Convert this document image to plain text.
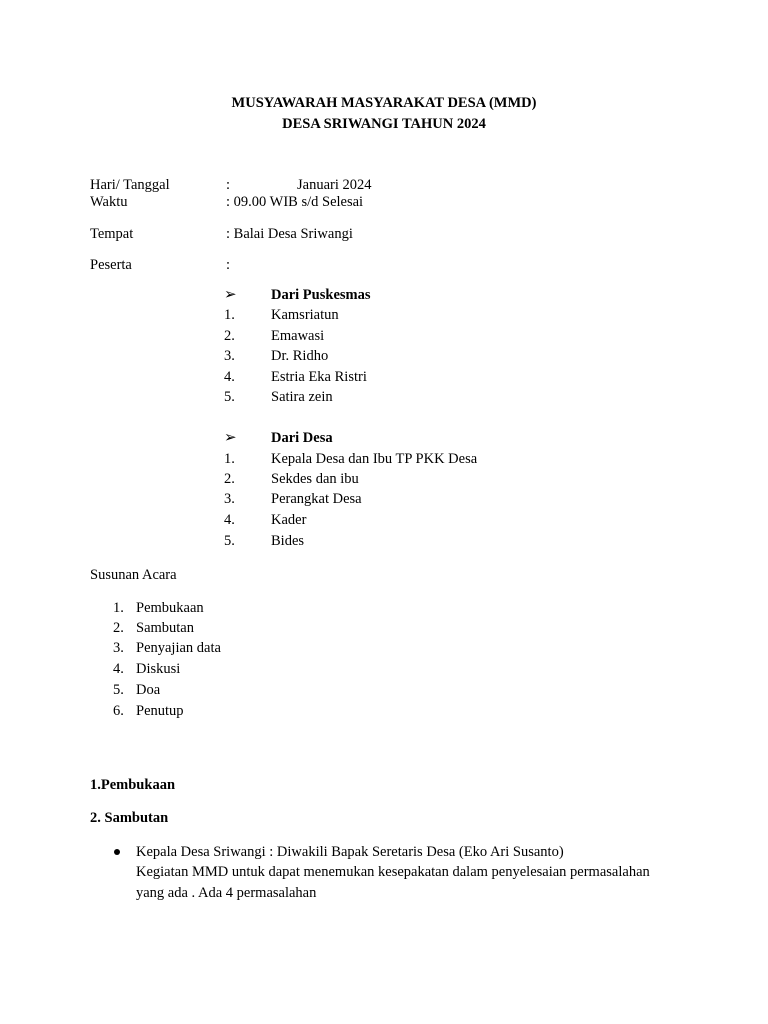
MUSYAWARAH MASYARAKAT DESA (MMD)
DESA SRIWANGI TAHUN 2024
Hari/ Tanggal	:	Januari 2024
Waktu	: 09.00 WIB s/d Selesai
Tempat	: Balai Desa Sriwangi
Peserta	:
➢ Dari Puskesmas
1. Kamsriatun
2. Emawasi
3. Dr. Ridho
4. Estria Eka Ristri
5. Satira zein
➢ Dari Desa
1. Kepala Desa dan Ibu TP PKK Desa
2. Sekdes dan ibu
3. Perangkat Desa
4. Kader
5. Bides
Susunan Acara
1. Pembukaan
2. Sambutan
3. Penyajian data
4. Diskusi
5. Doa
6. Penutup
1.Pembukaan
2. Sambutan
Kepala Desa Sriwangi : Diwakili Bapak Seretaris Desa (Eko Ari Susanto)
Kegiatan MMD untuk dapat menemukan kesepakatan dalam penyelesaian permasalahan
yang ada . Ada 4 permasalahan
